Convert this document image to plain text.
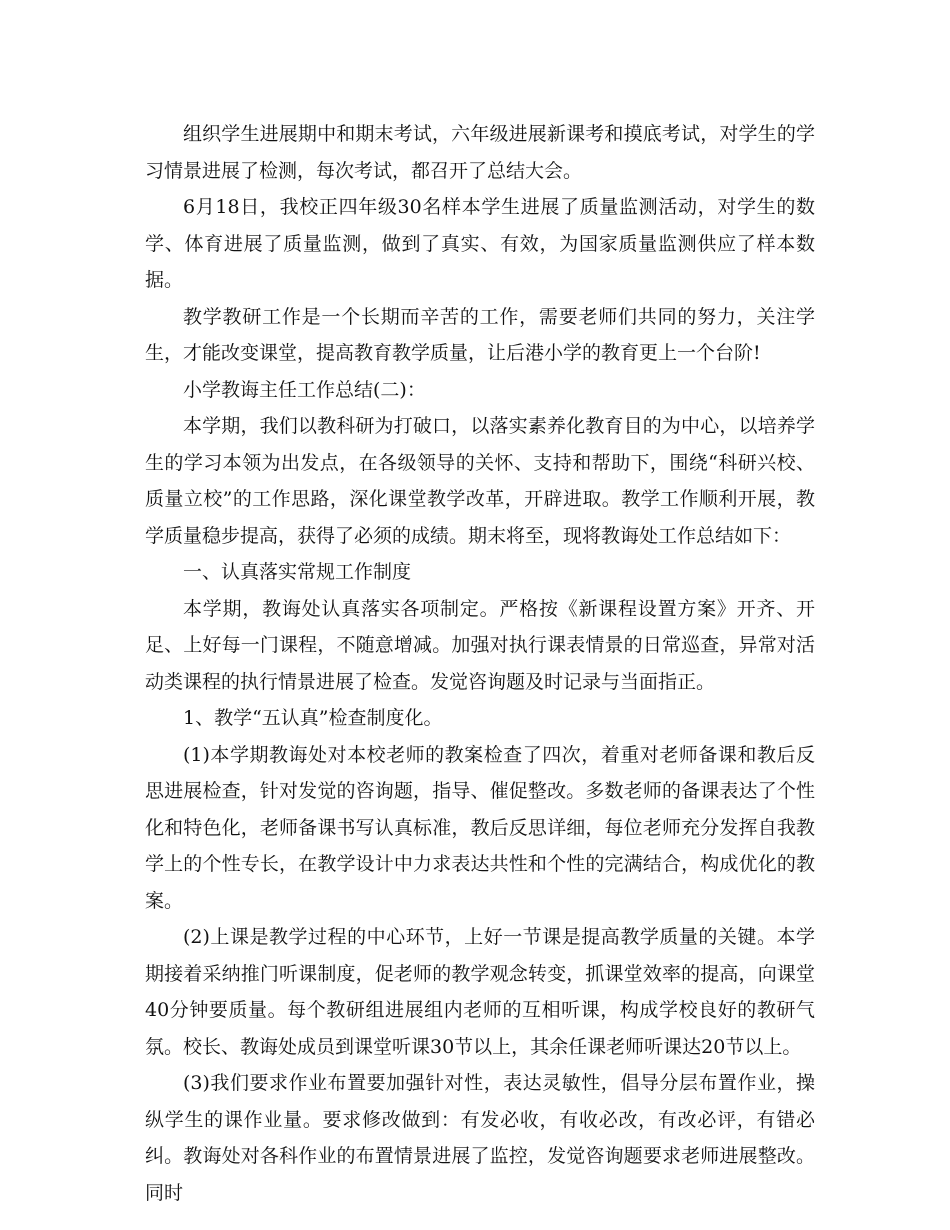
组织学生进展期中和期末考试，六年级进展新课考和摸底考试，对学生的学习情景进展了检测，每次考试，都召开了总结大会。

6月18日，我校正四年级30名样本学生进展了质量监测活动，对学生的数学、体育进展了质量监测，做到了真实、有效，为国家质量监测供应了样本数据。

教学教研工作是一个长期而辛苦的工作，需要老师们共同的努力，关注学生，才能改变课堂，提高教育教学质量，让后港小学的教育更上一个台阶!

小学教诲主任工作总结(二)：

本学期，我们以教科研为打破口，以落实素养化教育目的为中心，以培养学生的学习本领为出发点，在各级领导的关怀、支持和帮助下，围绕“科研兴校、质量立校”的工作思路，深化课堂教学改革，开辟进取。教学工作顺利开展，教学质量稳步提高，获得了必须的成绩。期末将至，现将教诲处工作总结如下：

一、认真落实常规工作制度

本学期，教诲处认真落实各项制定。严格按《新课程设置方案》开齐、开足、上好每一门课程，不随意增减。加强对执行课表情景的日常巡查，异常对活动类课程的执行情景进展了检查。发觉咨询题及时记录与当面指正。

1、教学“五认真”检查制度化。

(1)本学期教诲处对本校老师的教案检查了四次，着重对老师备课和教后反思进展检查，针对发觉的咨询题，指导、催促整改。多数老师的备课表达了个性化和特色化，老师备课书写认真标准，教后反思详细，每位老师充分发挥自我教学上的个性专长，在教学设计中力求表达共性和个性的完满结合，构成优化的教案。

(2)上课是教学过程的中心环节，上好一节课是提高教学质量的关键。本学期接着采纳推门听课制度，促老师的教学观念转变，抓课堂效率的提高，向课堂40分钟要质量。每个教研组进展组内老师的互相听课，构成学校良好的教研气氛。校长、教诲处成员到课堂听课30节以上，其余任课老师听课达20节以上。

(3)我们要求作业布置要加强针对性，表达灵敏性，倡导分层布置作业，操纵学生的课作业量。要求修改做到：有发必收，有收必改，有改必评，有错必纠。教诲处对各科作业的布置情景进展了监控，发觉咨询题要求老师进展整改。同时
